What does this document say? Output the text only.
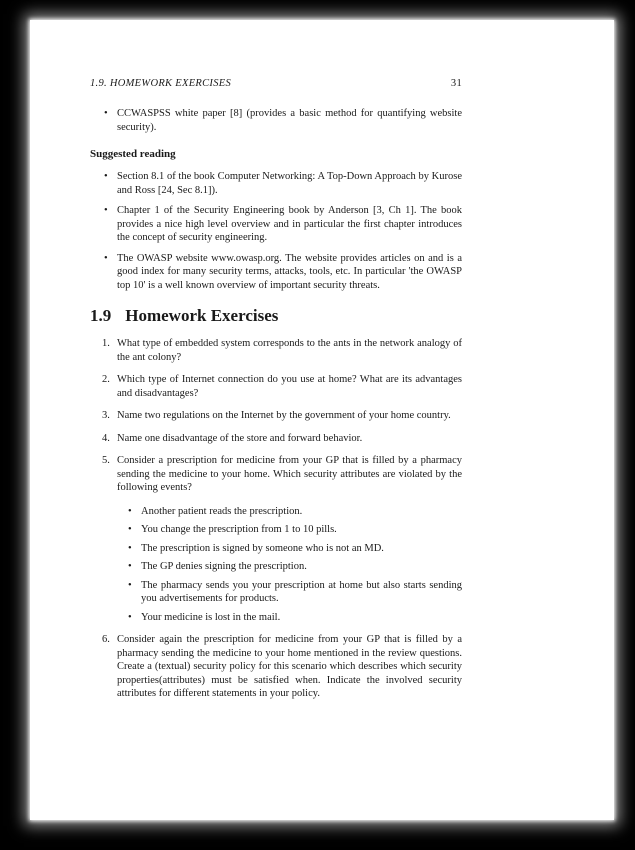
1.9. HOMEWORK EXERCISES	31
• CCWASPSS white paper [8] (provides a basic method for quantifying website security).
Suggested reading
• Section 8.1 of the book Computer Networking: A Top-Down Approach by Kurose and Ross [24, Sec 8.1]).
• Chapter 1 of the Security Engineering book by Anderson [3, Ch 1]. The book provides a nice high level overview and in particular the first chapter introduces the concept of security engineering.
• The OWASP website www.owasp.org. The website provides articles on and is a good index for many security terms, attacks, tools, etc. In particular 'the OWASP top 10' is a well known overview of important security threats.
1.9 Homework Exercises
1. What type of embedded system corresponds to the ants in the network analogy of the ant colony?
2. Which type of Internet connection do you use at home? What are its advantages and disadvantages?
3. Name two regulations on the Internet by the government of your home country.
4. Name one disadvantage of the store and forward behavior.
5. Consider a prescription for medicine from your GP that is filled by a pharmacy sending the medicine to your home. Which security attributes are violated by the following events?
• Another patient reads the prescription.
• You change the prescription from 1 to 10 pills.
• The prescription is signed by someone who is not an MD.
• The GP denies signing the prescription.
• The pharmacy sends you your prescription at home but also starts sending you advertisements for products.
• Your medicine is lost in the mail.
6. Consider again the prescription for medicine from your GP that is filled by a pharmacy sending the medicine to your home mentioned in the review questions. Create a (textual) security policy for this scenario which describes which security properties(attributes) must be satisfied when. Indicate the involved security attributes for different statements in your policy.
